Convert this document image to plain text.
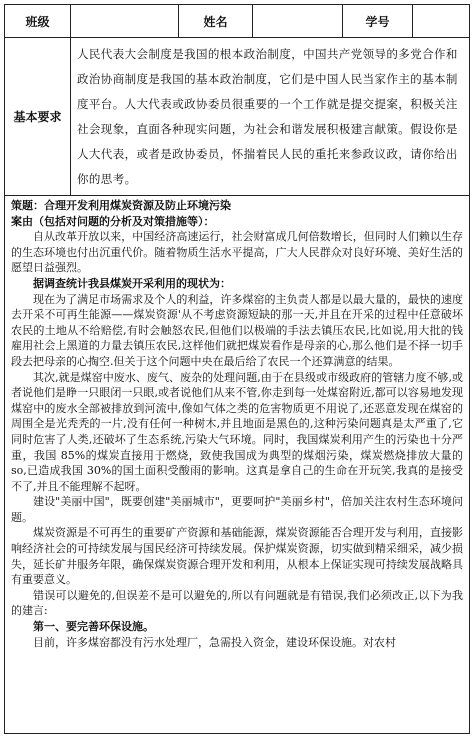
班级	姓名	学号
基本要求
人民代表大会制度是我国的根本政治制度，中国共产党领导的多党合作和政治协商制度是我国的基本政治制度，它们是中国人民当家作主的基本制度平台。人大代表或政协委员很重要的一个工作就是提交提案，积极关注社会现象，直面各种现实问题，为社会和谐发展积极建言献策。假设你是人大代表，或者是政协委员，怀揣着民人民的重托来参政议政，请你给出你的思考。

策题：合理开发利用煤炭资源及防止环境污染

案由（包括对问题的分析及对策措施等）：

自从改革开放以来，中国经济高速运行，社会财富成几何倍数增长，但同时人们赖以生存的生态环境也付出沉重代价。随着物质生活水平提高，广大人民群众对良好环境、美好生活的愿望日益强烈。

据调查统计我县煤炭开采利用的现状为：

现在为了满足市场需求及个人的利益，许多煤窑的主负责人都是以最大量的，最快的速度去开采不可再生能源——煤炭资源'从不考虑资源短缺的那一天,并且在开采的过程中任意破坏农民的土地从不给赔偿,有时会触怒农民,但他们以极端的手法去镇压农民,比如说,用大批的钱雇用社会上黑道的力量去镇压农民,这样他们就把煤炭看作是母亲的心,那么他们是不择一切手段去把母亲的心掏空.但关于这个问题中央在最后给了农民一个还算满意的结果。

其次,就是煤窑中废水、废气、废杂的处理问题,由于在县级或市级政府的管辖力度不够,或者说他们是睁一只眼闭一只眼,或者说他们从来不管,你走到每一处煤窑附近,都可以容易地发现煤窑中的废水全部被排放到河流中,像如气体之类的危害物质更不用说了,还恶意发现在煤窑的周围全是光秃秃的一片,没有任何一种树木,并且地面是黑色的,这种污染问题真是太严重了,它同时危害了人类,还破坏了生态系统,污染大气环境。同时，我国煤炭利用产生的污染也十分严重，我国 85%的煤炭直接用于燃烧，致使我国成为典型的煤烟污染，煤炭燃烧排放大量的 so,已造成我国 30%的国土面积受酸雨的影响。这真是拿自己的生命在开玩笑,我真的是接受不了,并且不能理解不起呀。

建设"美丽中国"，既要创建"美丽城市"，更要呵护"美丽乡村"，倍加关注农村生态环境问题。

煤炭资源是不可再生的重要矿产资源和基础能源，煤炭资源能否合理开发与利用，直接影响经济社会的可持续发展与国民经济可持续发展。保护煤炭资源，切实做到精采细采，减少损失，延长矿井服务年限，确保煤炭资源合理开发和利用，从根本上保证实现可持续发展战略具有重要意义。

错误可以避免的,但误差不是可以避免的,所以有问题就是有错误,我们必须改正,以下为我的建言:

第一、要完善环保设施。

目前，许多煤窑都没有污水处理厂，急需投入资金，建设环保设施。对农村
